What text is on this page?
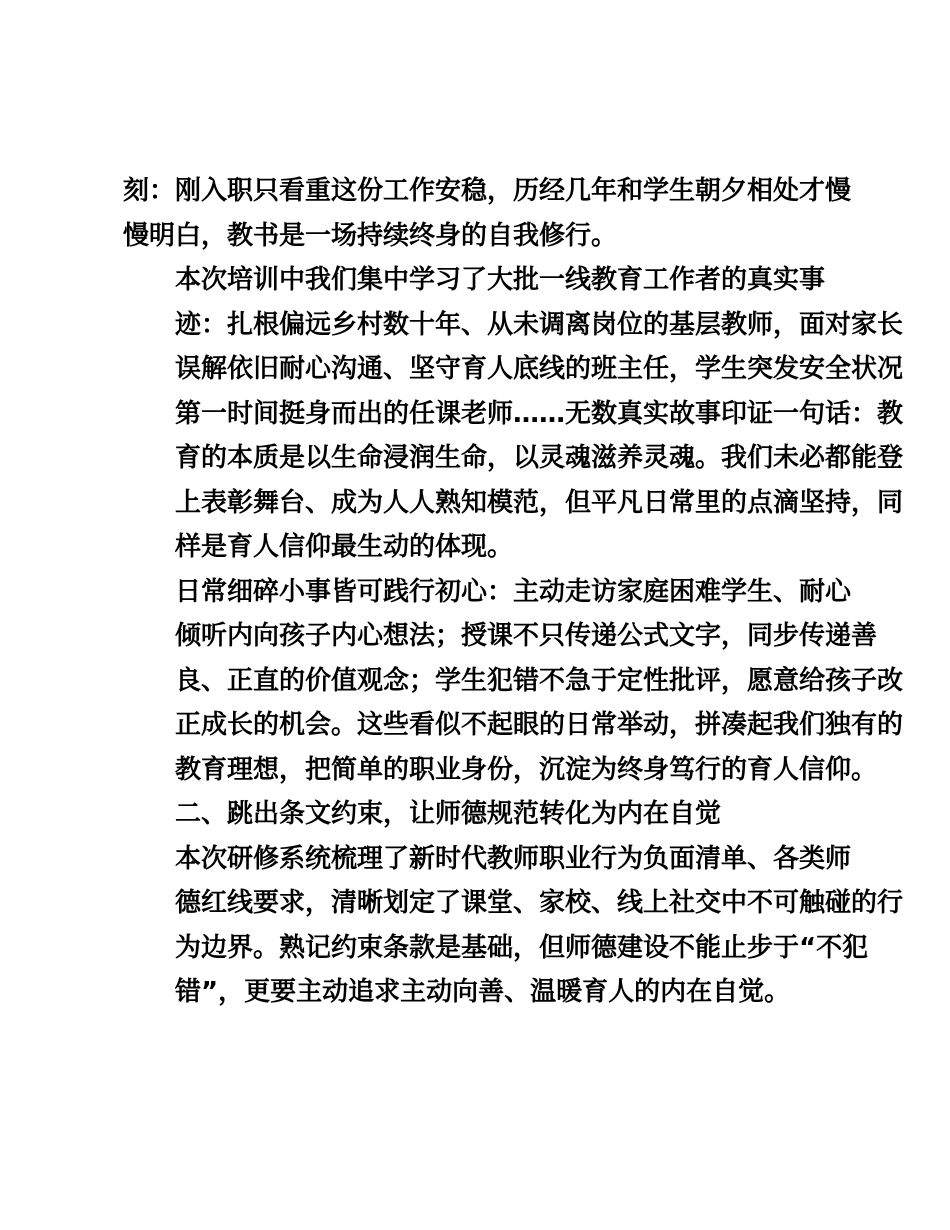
刻：刚入职只看重这份工作安稳，历经几年和学生朝夕相处才慢
慢明白，教书是一场持续终身的自我修行。

本次培训中我们集中学习了大批一线教育工作者的真实事
迹：扎根偏远乡村数十年、从未调离岗位的基层教师，面对家长
误解依旧耐心沟通、坚守育人底线的班主任，学生突发安全状况
第一时间挺身而出的任课老师……无数真实故事印证一句话：教
育的本质是以生命浸润生命，以灵魂滋养灵魂。我们未必都能登
上表彰舞台、成为人人熟知模范，但平凡日常里的点滴坚持，同
样是育人信仰最生动的体现。

日常细碎小事皆可践行初心：主动走访家庭困难学生、耐心
倾听内向孩子内心想法；授课不只传递公式文字，同步传递善
良、正直的价值观念；学生犯错不急于定性批评，愿意给孩子改
正成长的机会。这些看似不起眼的日常举动，拼凑起我们独有的
教育理想，把简单的职业身份，沉淀为终身笃行的育人信仰。

二、跳出条文约束，让师德规范转化为内在自觉

本次研修系统梳理了新时代教师职业行为负面清单、各类师
德红线要求，清晰划定了课堂、家校、线上社交中不可触碰的行
为边界。熟记约束条款是基础，但师德建设不能止步于“不犯
错”，更要主动追求主动向善、温暖育人的内在自觉。
